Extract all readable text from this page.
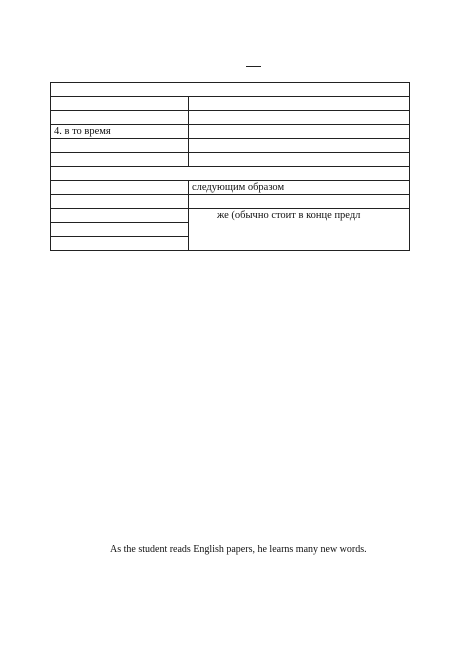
4. в то время	

	следующим образом

	же (обычно стоит в конце предл

As the student reads English papers, he learns many new words.
